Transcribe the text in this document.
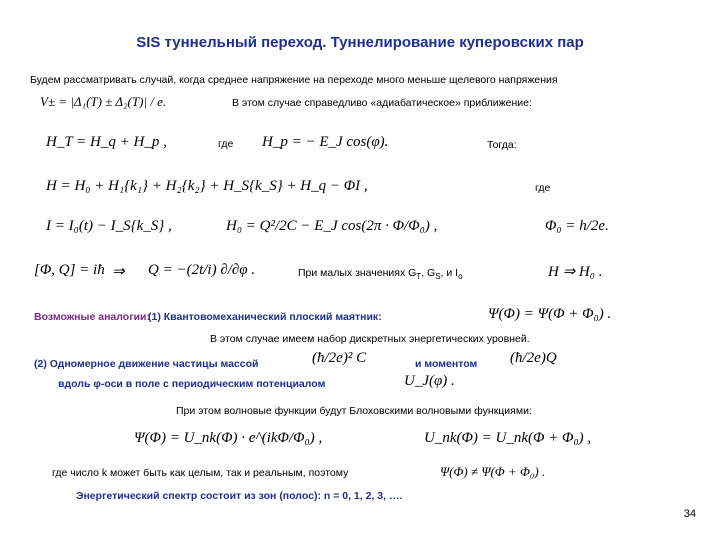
SIS туннельный переход. Туннелирование куперовских пар
Будем рассматривать случай, когда среднее напряжение на переходе много меньше щелевого напряжения
V± = |Δ₁(T) ± Δ₂(T)| / e.	В этом случае справедливо «адиабатическое» приближение:
H_T = H_q + H_p ,	где H_p = − E_J cos(φ).	Тогда:
H = H₀ + H₁{k₁} + H₂{k₂} + H_S{k_S} + H_q − ΦI ,	где
I = I₀(t) − I_S{k_S} ,	H₀ = Q²/2C − E_J cos(2π · Φ/Φ₀) ,	Φ₀ = h/2e.
[Φ, Q] = iħ ⇒ Q = −(2t/i) ∂/∂φ .	При малых значениях $G_T$, $G_S$, и $I_o$	H ⇒ H₀ .
Возможные аналогии:
(1) Квантовомеханический плоский маятник:	Ψ(Φ) = Ψ(Φ + Φ₀) .
В этом случае имеем набор дискретных энергетических уровней.
(2) Одномерное движение частицы массой	(ħ/2e)² C	и моментом (ħ/2e)Q
вдоль φ-оси в поле с периодическим потенциалом	U_J(φ) .
При этом волновые функции будут Блоховскими волновыми функциями:
Ψ(Φ) = U_nk(Φ) · e^(ikΦ/Φ₀) ,	U_nk(Φ) = U_nk(Φ + Φ₀) ,
где число k может быть как целым, так и реальным, поэтому	Ψ(Φ) ≠ Ψ(Φ + Φ₀) .
Энергетический спектр состоит из зон (полос): n = 0, 1, 2, 3, ….
34
